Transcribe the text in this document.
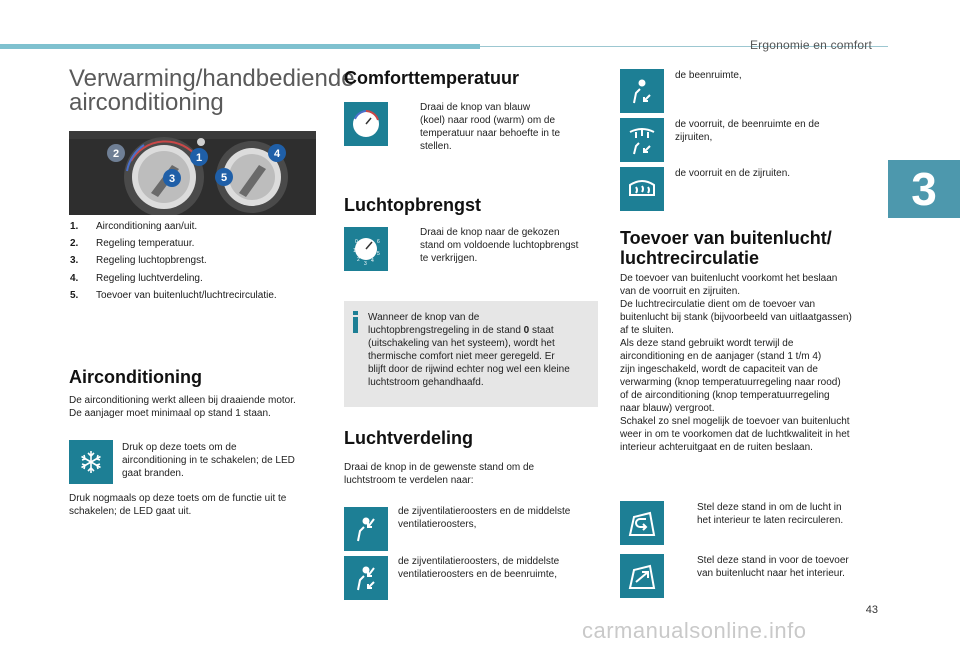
Ergonomie en comfort
3
Verwarming/handbediende
airconditioning
2	1	4
3	5
1.	Airconditioning aan/uit.
2.	Regeling temperatuur.
3.	Regeling luchtopbrengst.
4.	Regeling luchtverdeling.
5.	Toevoer van buitenlucht/luchtrecirculatie.
Airconditioning
De airconditioning werkt alleen bij draaiende motor.
De aanjager moet minimaal op stand 1 staan.
Druk op deze toets om de
airconditioning in te schakelen; de LED
gaat branden.
Druk nogmaals op deze toets om de functie uit te
schakelen; de LED gaat uit.
Comforttemperatuur
Draai de knop van blauw
(koel) naar rood (warm) om de
temperatuur naar behoefte in te
stellen.
Luchtopbrengst
0
1
2
3 4
5
6
Draai de knop naar de gekozen
stand om voldoende luchtopbrengst
te verkrijgen.
Wanneer de knop van de
luchtopbrengstregeling in de stand 0 staat
(uitschakeling van het systeem), wordt het
thermische comfort niet meer geregeld. Er
blijft door de rijwind echter nog wel een kleine
luchtstroom gehandhaafd.
Luchtverdeling
Draai de knop in de gewenste stand om de
luchtstroom te verdelen naar:
de zijventilatieroosters en de middelste
ventilatieroosters,
de zijventilatieroosters, de middelste
ventilatieroosters en de beenruimte,
de beenruimte,
de voorruit, de beenruimte en de
zijruiten,
de voorruit en de zijruiten.
Toevoer van buitenlucht/
luchtrecirculatie
De toevoer van buitenlucht voorkomt het beslaan
van de voorruit en zijruiten.
De luchtrecirculatie dient om de toevoer van
buitenlucht bij stank (bijvoorbeeld van uitlaatgassen)
af te sluiten.
Als deze stand gebruikt wordt terwijl de
airconditioning en de aanjager (stand 1 t/m 4)
zijn ingeschakeld, wordt de capaciteit van de
verwarming (knop temperatuurregeling naar rood)
of de airconditioning (knop temperatuurregeling
naar blauw) vergroot.
Schakel zo snel mogelijk de toevoer van buitenlucht
weer in om te voorkomen dat de luchtkwaliteit in het
interieur achteruitgaat en de ruiten beslaan.
Stel deze stand in om de lucht in
het interieur te laten recirculeren.
Stel deze stand in voor de toevoer
van buitenlucht naar het interieur.
43
carmanualsonline.info
